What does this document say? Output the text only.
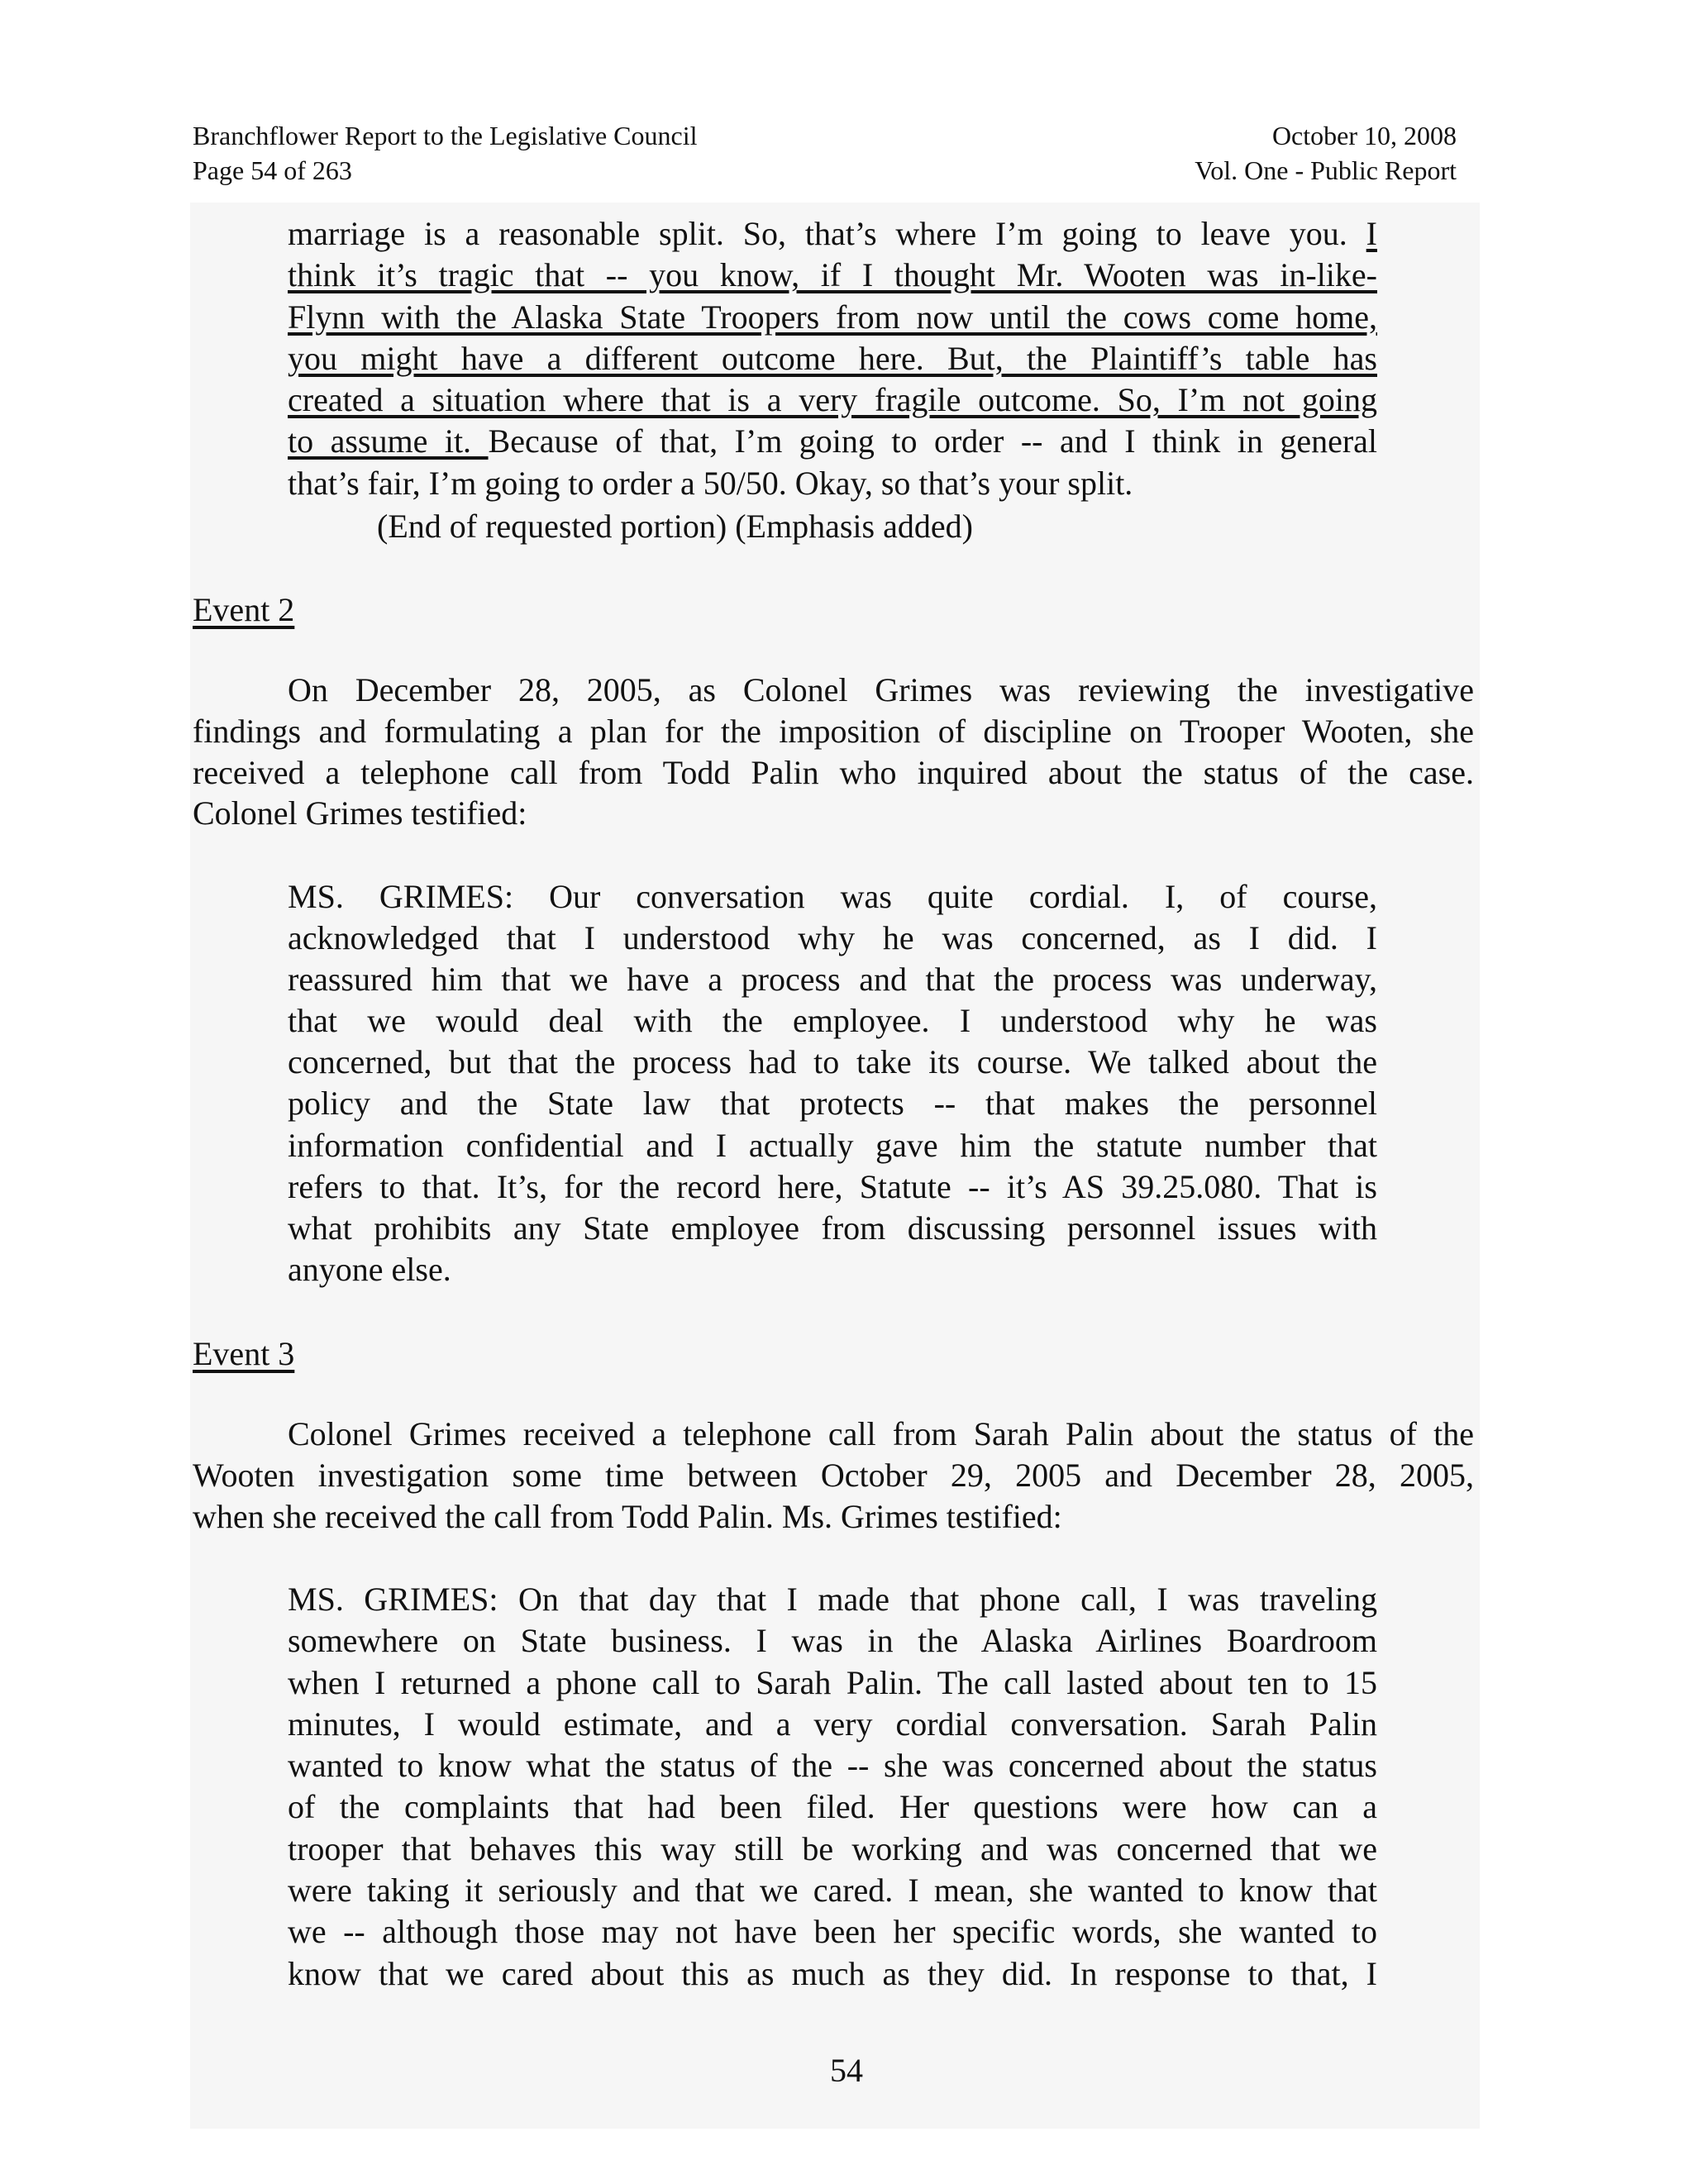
Branchflower Report to the Legislative Council
Page 54 of 263
October 10, 2008
Vol. One - Public Report
marriage is a reasonable split. So, that’s where I’m going to leave you. I
think it’s tragic that -- you know, if I thought Mr. Wooten was in-like-
Flynn with the Alaska State Troopers from now until the cows come home,
you might have a different outcome here. But, the Plaintiff’s table has
created a situation where that is a very fragile outcome. So, I’m not going
to assume it. Because of that, I’m going to order -- and I think in general
that’s fair, I’m going to order a 50/50. Okay, so that’s your split.
(End of requested portion) (Emphasis added)
Event 2
On December 28, 2005, as Colonel Grimes was reviewing the investigative
findings and formulating a plan for the imposition of discipline on Trooper Wooten, she
received a telephone call from Todd Palin who inquired about the status of the case.
Colonel Grimes testified:
MS. GRIMES: Our conversation was quite cordial. I, of course,
acknowledged that I understood why he was concerned, as I did. I
reassured him that we have a process and that the process was underway,
that we would deal with the employee. I understood why he was
concerned, but that the process had to take its course. We talked about the
policy and the State law that protects -- that makes the personnel
information confidential and I actually gave him the statute number that
refers to that. It’s, for the record here, Statute -- it’s AS 39.25.080. That is
what prohibits any State employee from discussing personnel issues with
anyone else.
Event 3
Colonel Grimes received a telephone call from Sarah Palin about the status of the
Wooten investigation some time between October 29, 2005 and December 28, 2005,
when she received the call from Todd Palin. Ms. Grimes testified:
MS. GRIMES: On that day that I made that phone call, I was traveling
somewhere on State business. I was in the Alaska Airlines Boardroom
when I returned a phone call to Sarah Palin. The call lasted about ten to 15
minutes, I would estimate, and a very cordial conversation. Sarah Palin
wanted to know what the status of the -- she was concerned about the status
of the complaints that had been filed. Her questions were how can a
trooper that behaves this way still be working and was concerned that we
were taking it seriously and that we cared. I mean, she wanted to know that
we -- although those may not have been her specific words, she wanted to
know that we cared about this as much as they did. In response to that, I
54
